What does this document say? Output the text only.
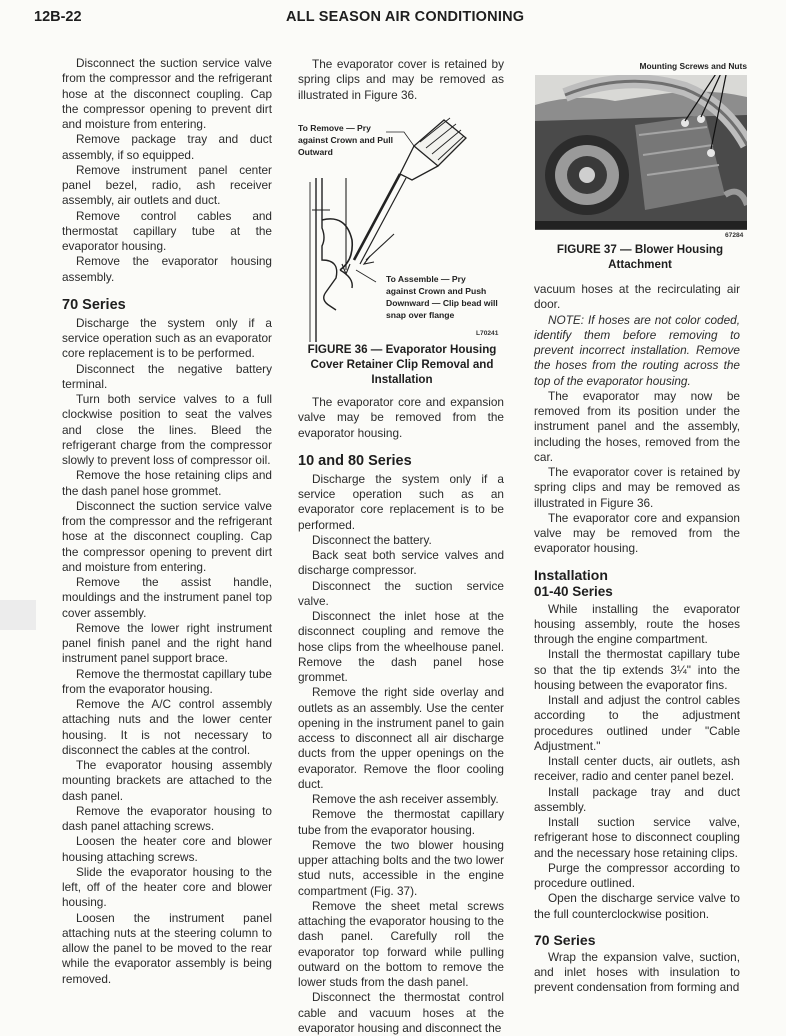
12B-22	ALL SEASON AIR CONDITIONING

Disconnect the suction service valve from the compressor and the refrigerant hose at the disconnect coupling. Cap the compressor opening to prevent dirt and moisture from entering.

Remove package tray and duct assembly, if so equipped.

Remove instrument panel center panel bezel, radio, ash receiver assembly, air outlets and duct.

Remove control cables and thermostat capillary tube at the evaporator housing.

Remove the evaporator housing assembly.

70 Series

Discharge the system only if a service operation such as an evaporator core replacement is to be performed.

Disconnect the negative battery terminal.

Turn both service valves to a full clockwise position to seat the valves and close the lines. Bleed the refrigerant charge from the compressor slowly to prevent loss of compressor oil.

Remove the hose retaining clips and the dash panel hose grommet.

Disconnect the suction service valve from the compressor and the refrigerant hose at the disconnect coupling. Cap the compressor opening to prevent dirt and moisture from entering.

Remove the assist handle, mouldings and the instrument panel top cover assembly.

Remove the lower right instrument panel finish panel and the right hand instrument panel support brace.

Remove the thermostat capillary tube from the evaporator housing.

Remove the A/C control assembly attaching nuts and the lower center housing. It is not necessary to disconnect the cables at the control.

The evaporator housing assembly mounting brackets are attached to the dash panel.

Remove the evaporator housing to dash panel attaching screws.

Loosen the heater core and blower housing attaching screws.

Slide the evaporator housing to the left, off of the heater core and blower housing.

Loosen the instrument panel attaching nuts at the steering column to allow the panel to be moved to the rear while the evaporator assembly is being removed.

The evaporator cover is retained by spring clips and may be removed as illustrated in Figure 36.

To Remove — Pry against Crown and Pull Outward
To Assemble — Pry against Crown and Push Downward — Clip bead will snap over flange
L70241
FIGURE 36 — Evaporator Housing Cover Retainer Clip Removal and Installation

The evaporator core and expansion valve may be removed from the evaporator housing.

10 and 80 Series

Discharge the system only if a service operation such as an evaporator core replacement is to be performed.

Disconnect the battery.

Back seat both service valves and discharge compressor.

Disconnect the suction service valve.

Disconnect the inlet hose at the disconnect coupling and remove the hose clips from the wheelhouse panel. Remove the dash panel hose grommet.

Remove the right side overlay and outlets as an assembly. Use the center opening in the instrument panel to gain access to disconnect all air discharge ducts from the upper openings on the evaporator. Remove the floor cooling duct.

Remove the ash receiver assembly.

Remove the thermostat capillary tube from the evaporator housing.

Remove the two blower housing upper attaching bolts and the two lower stud nuts, accessible in the engine compartment (Fig. 37).

Remove the sheet metal screws attaching the evaporator housing to the dash panel. Carefully roll the evaporator top forward while pulling outward on the bottom to remove the lower studs from the dash panel.

Disconnect the thermostat control cable and vacuum hoses at the evaporator housing and disconnect the

Mounting Screws and Nuts
67284
FIGURE 37 — Blower Housing Attachment

vacuum hoses at the recirculating air door.

NOTE: If hoses are not color coded, identify them before removing to prevent incorrect installation. Remove the hoses from the routing across the top of the evaporator housing.

The evaporator may now be removed from its position under the instrument panel and the assembly, including the hoses, removed from the car.

The evaporator cover is retained by spring clips and may be removed as illustrated in Figure 36.

The evaporator core and expansion valve may be removed from the evaporator housing.

Installation
01-40 Series

While installing the evaporator housing assembly, route the hoses through the engine compartment.

Install the thermostat capillary tube so that the tip extends 3¼" into the housing between the evaporator fins.

Install and adjust the control cables according to the adjustment procedures outlined under "Cable Adjustment."

Install center ducts, air outlets, ash receiver, radio and center panel bezel.

Install package tray and duct assembly.

Install suction service valve, refrigerant hose to disconnect coupling and the necessary hose retaining clips.

Purge the compressor according to procedure outlined.

Open the discharge service valve to the full counterclockwise position.

70 Series

Wrap the expansion valve, suction, and inlet hoses with insulation to prevent condensation from forming and
